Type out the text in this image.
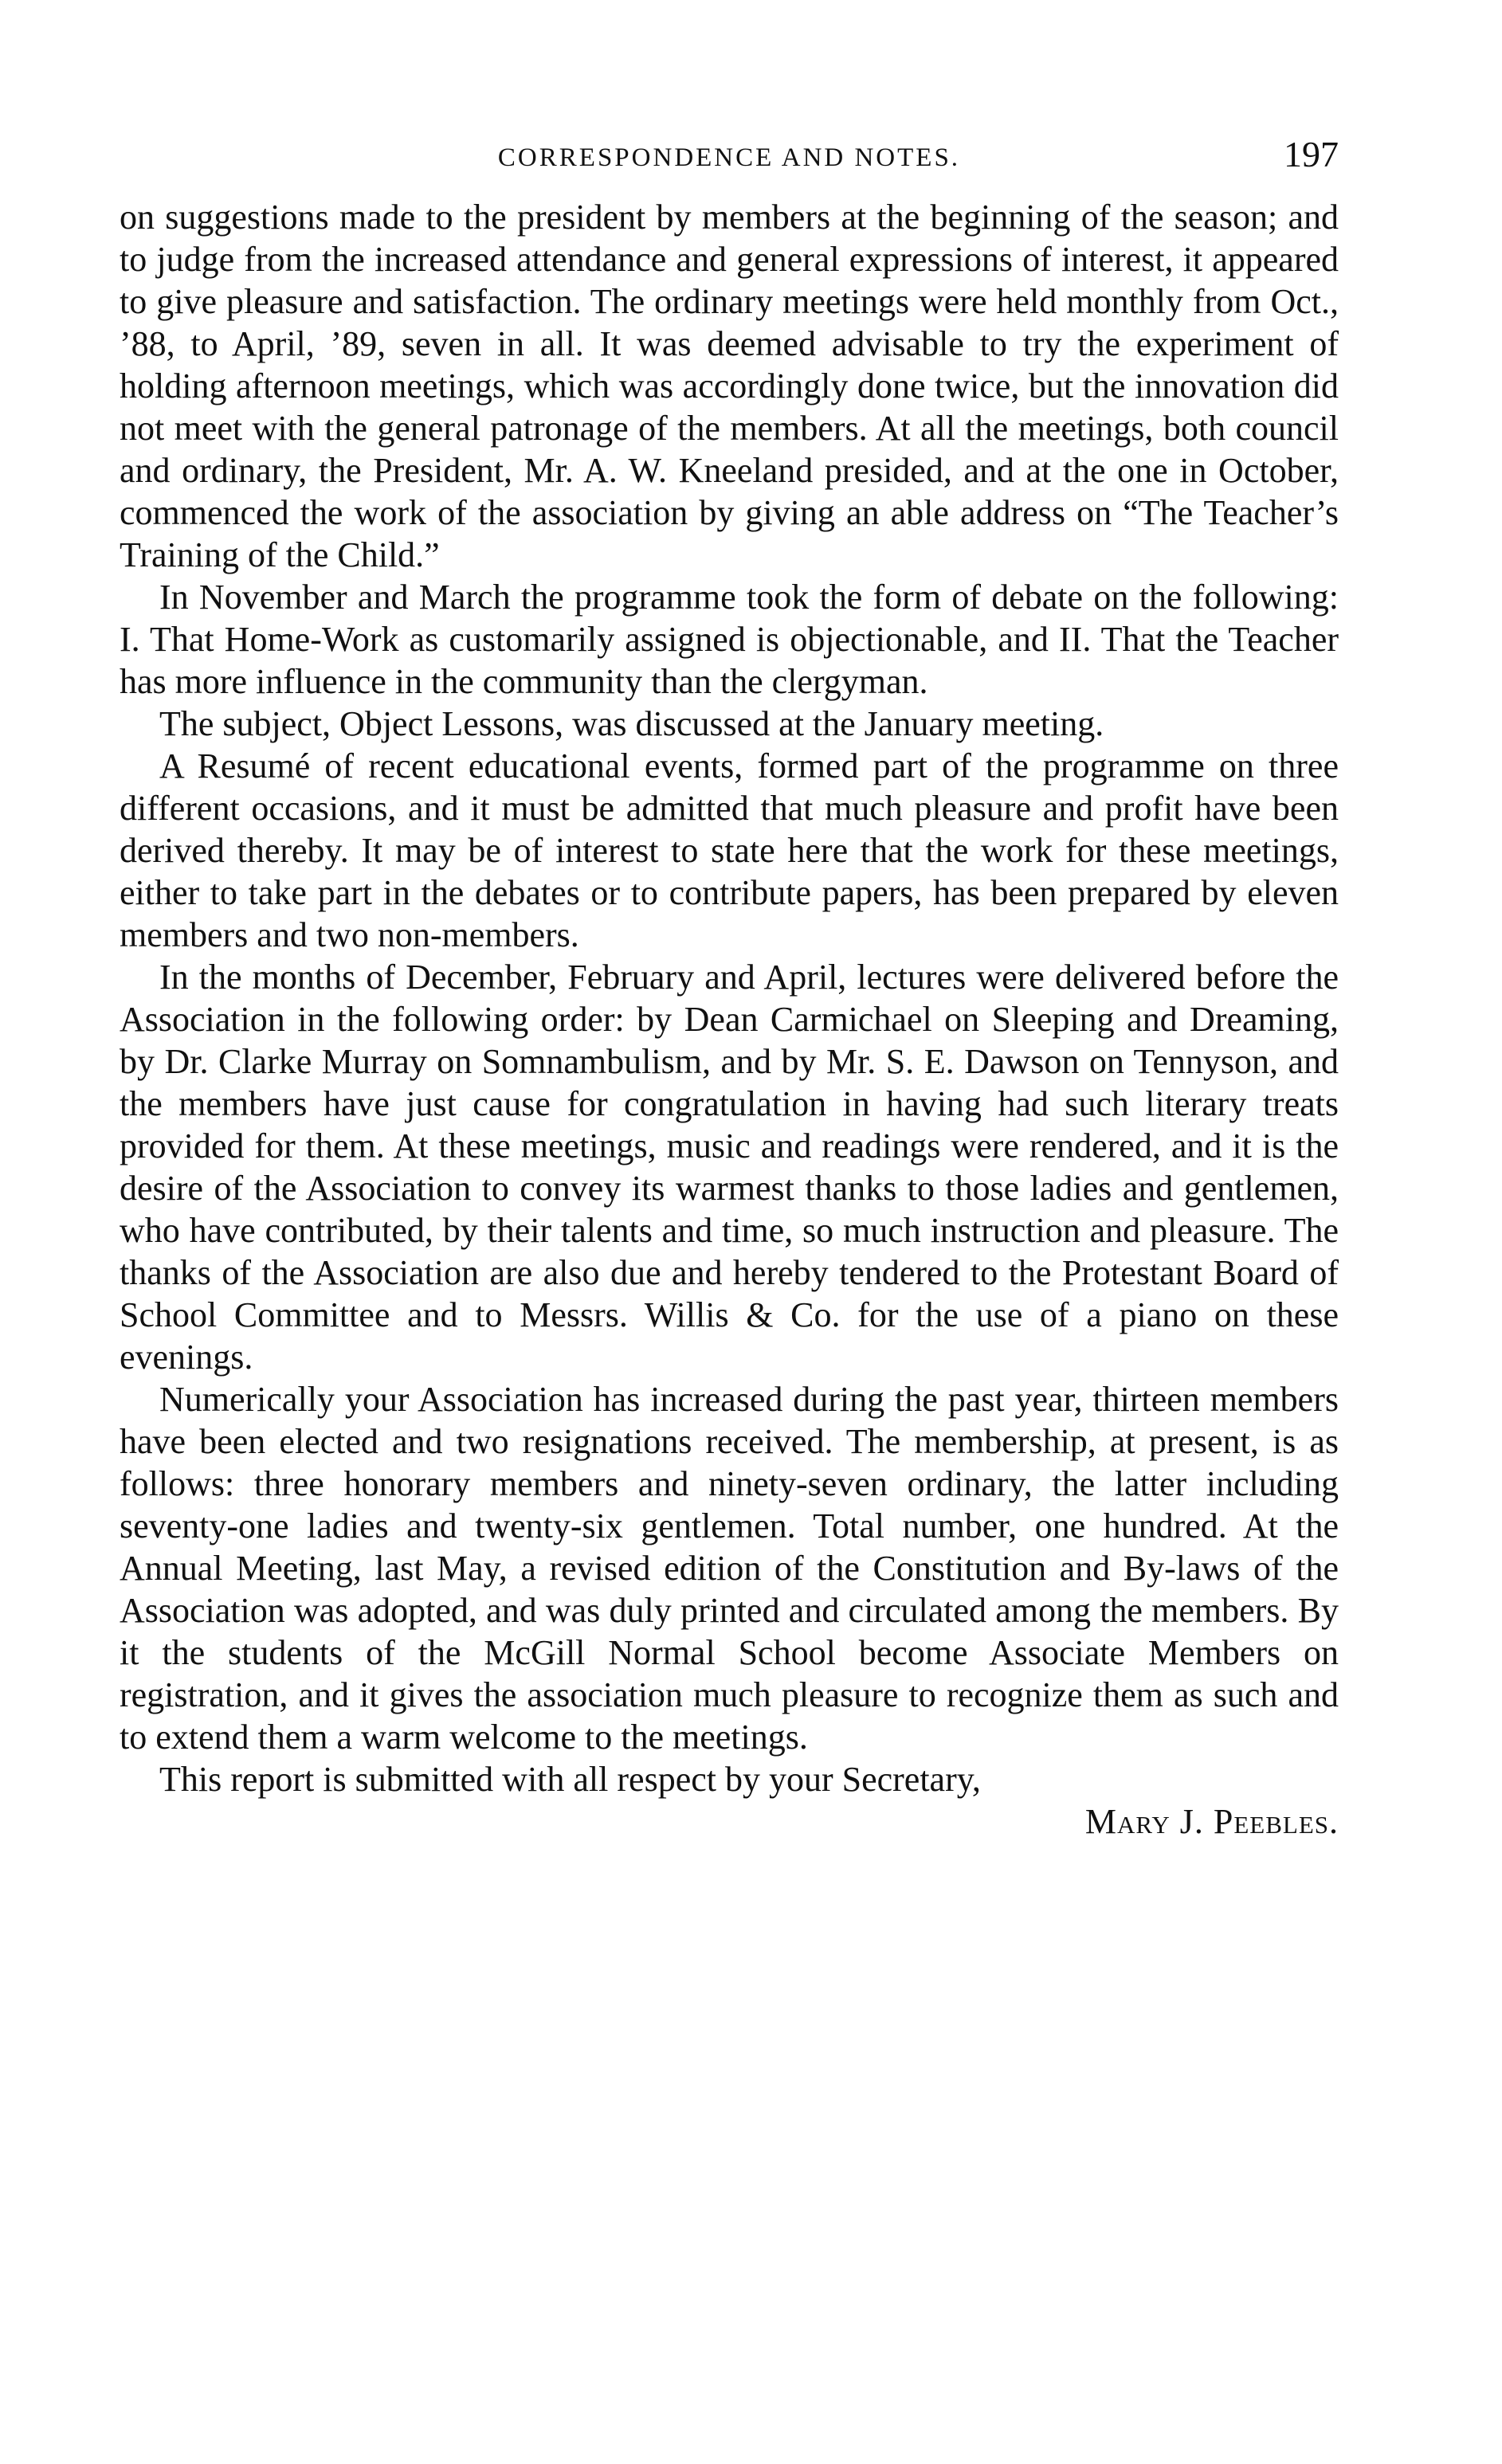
CORRESPONDENCE AND NOTES.	197

on suggestions made to the president by members at the beginning of the season; and to judge from the increased attendance and general expressions of interest, it appeared to give pleasure and satisfaction. The ordinary meetings were held monthly from Oct., ’88, to April, ’89, seven in all. It was deemed advisable to try the experiment of holding afternoon meetings, which was accordingly done twice, but the innovation did not meet with the general patronage of the members. At all the meetings, both council and ordinary, the President, Mr. A. W. Kneeland presided, and at the one in October, commenced the work of the association by giving an able address on “The Teacher’s Training of the Child.”

In November and March the programme took the form of debate on the following: I. That Home-Work as customarily assigned is objectionable, and II. That the Teacher has more influence in the community than the clergyman.

The subject, Object Lessons, was discussed at the January meeting.

A Resumé of recent educational events, formed part of the programme on three different occasions, and it must be admitted that much pleasure and profit have been derived thereby. It may be of interest to state here that the work for these meetings, either to take part in the debates or to contribute papers, has been prepared by eleven members and two non-members.

In the months of December, February and April, lectures were delivered before the Association in the following order: by Dean Carmichael on Sleeping and Dreaming, by Dr. Clarke Murray on Somnambulism, and by Mr. S. E. Dawson on Tennyson, and the members have just cause for congratulation in having had such literary treats provided for them. At these meetings, music and readings were rendered, and it is the desire of the Association to convey its warmest thanks to those ladies and gentlemen, who have contributed, by their talents and time, so much instruction and pleasure. The thanks of the Association are also due and hereby tendered to the Protestant Board of School Committee and to Messrs. Willis & Co. for the use of a piano on these evenings.

Numerically your Association has increased during the past year, thirteen members have been elected and two resignations received. The membership, at present, is as follows: three honorary members and ninety-seven ordinary, the latter including seventy-one ladies and twenty-six gentlemen. Total number, one hundred. At the Annual Meeting, last May, a revised edition of the Constitution and By-laws of the Association was adopted, and was duly printed and circulated among the members. By it the students of the McGill Normal School become Associate Members on registration, and it gives the association much pleasure to recognize them as such and to extend them a warm welcome to the meetings.

This report is submitted with all respect by your Secretary,

Mary J. Peebles.
